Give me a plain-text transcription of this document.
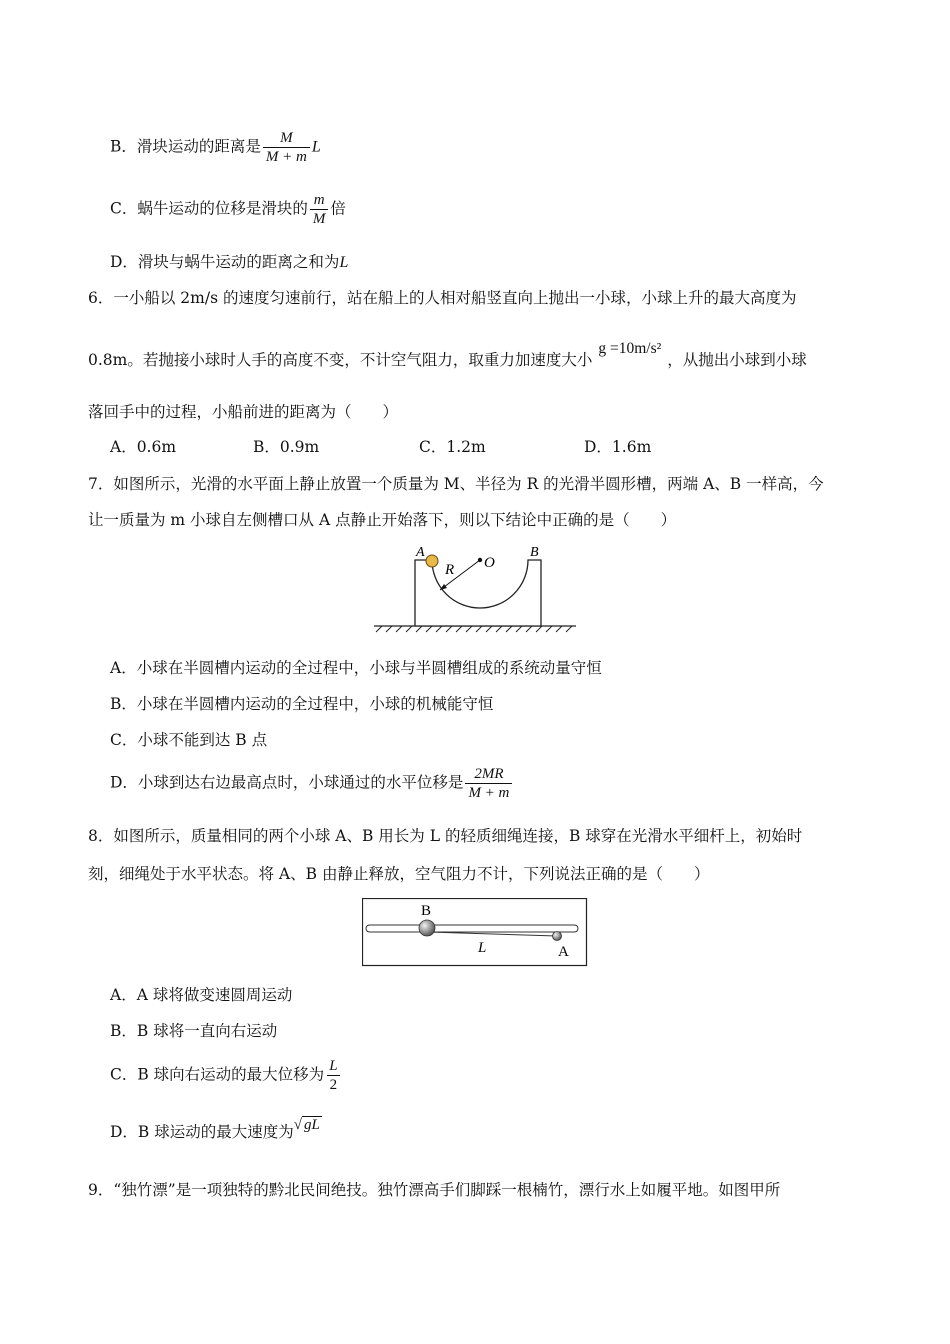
B．滑块运动的距离是 $\frac{M}{M + m}$ L
C．蜗牛运动的位移是滑块的 $\frac{m}{M}$ 倍
D．滑块与蜗牛运动的距离之和为L
6．一小船以 2m/s 的速度匀速前行，站在船上的人相对船竖直向上抛出一小球，小球上升的最大高度为
0.8m。若抛接小球时人手的高度不变，不计空气阻力，取重力加速度大小g =10m/s²，从抛出小球到小球
落回手中的过程，小船前进的距离为（　　）
A．0.6m	B．0.9m	C．1.2m	D．1.6m
7．如图所示，光滑的水平面上静止放置一个质量为 M、半径为 R 的光滑半圆形槽，两端 A、B 一样高，今
让一质量为 m 小球自左侧槽口从 A 点静止开始落下，则以下结论中正确的是（　　）
A	B
R O
A．小球在半圆槽内运动的全过程中，小球与半圆槽组成的系统动量守恒
B．小球在半圆槽内运动的全过程中，小球的机械能守恒
C．小球不能到达 B 点
D．小球到达右边最高点时，小球通过的水平位移是 $\frac{2MR}{M + m}$
8．如图所示，质量相同的两个小球 A、B 用长为 L 的轻质细绳连接，B 球穿在光滑水平细杆上，初始时
刻，细绳处于水平状态。将 A、B 由静止释放，空气阻力不计，下列说法正确的是（　　）
B
L	A
A．A 球将做变速圆周运动
B．B 球将一直向右运动
C．B 球向右运动的最大位移为 $\frac{L}{2}$
D．B 球运动的最大速度为√ gL
9．“独竹漂”是一项独特的黔北民间绝技。独竹漂高手们脚踩一根楠竹，漂行水上如履平地。如图甲所
